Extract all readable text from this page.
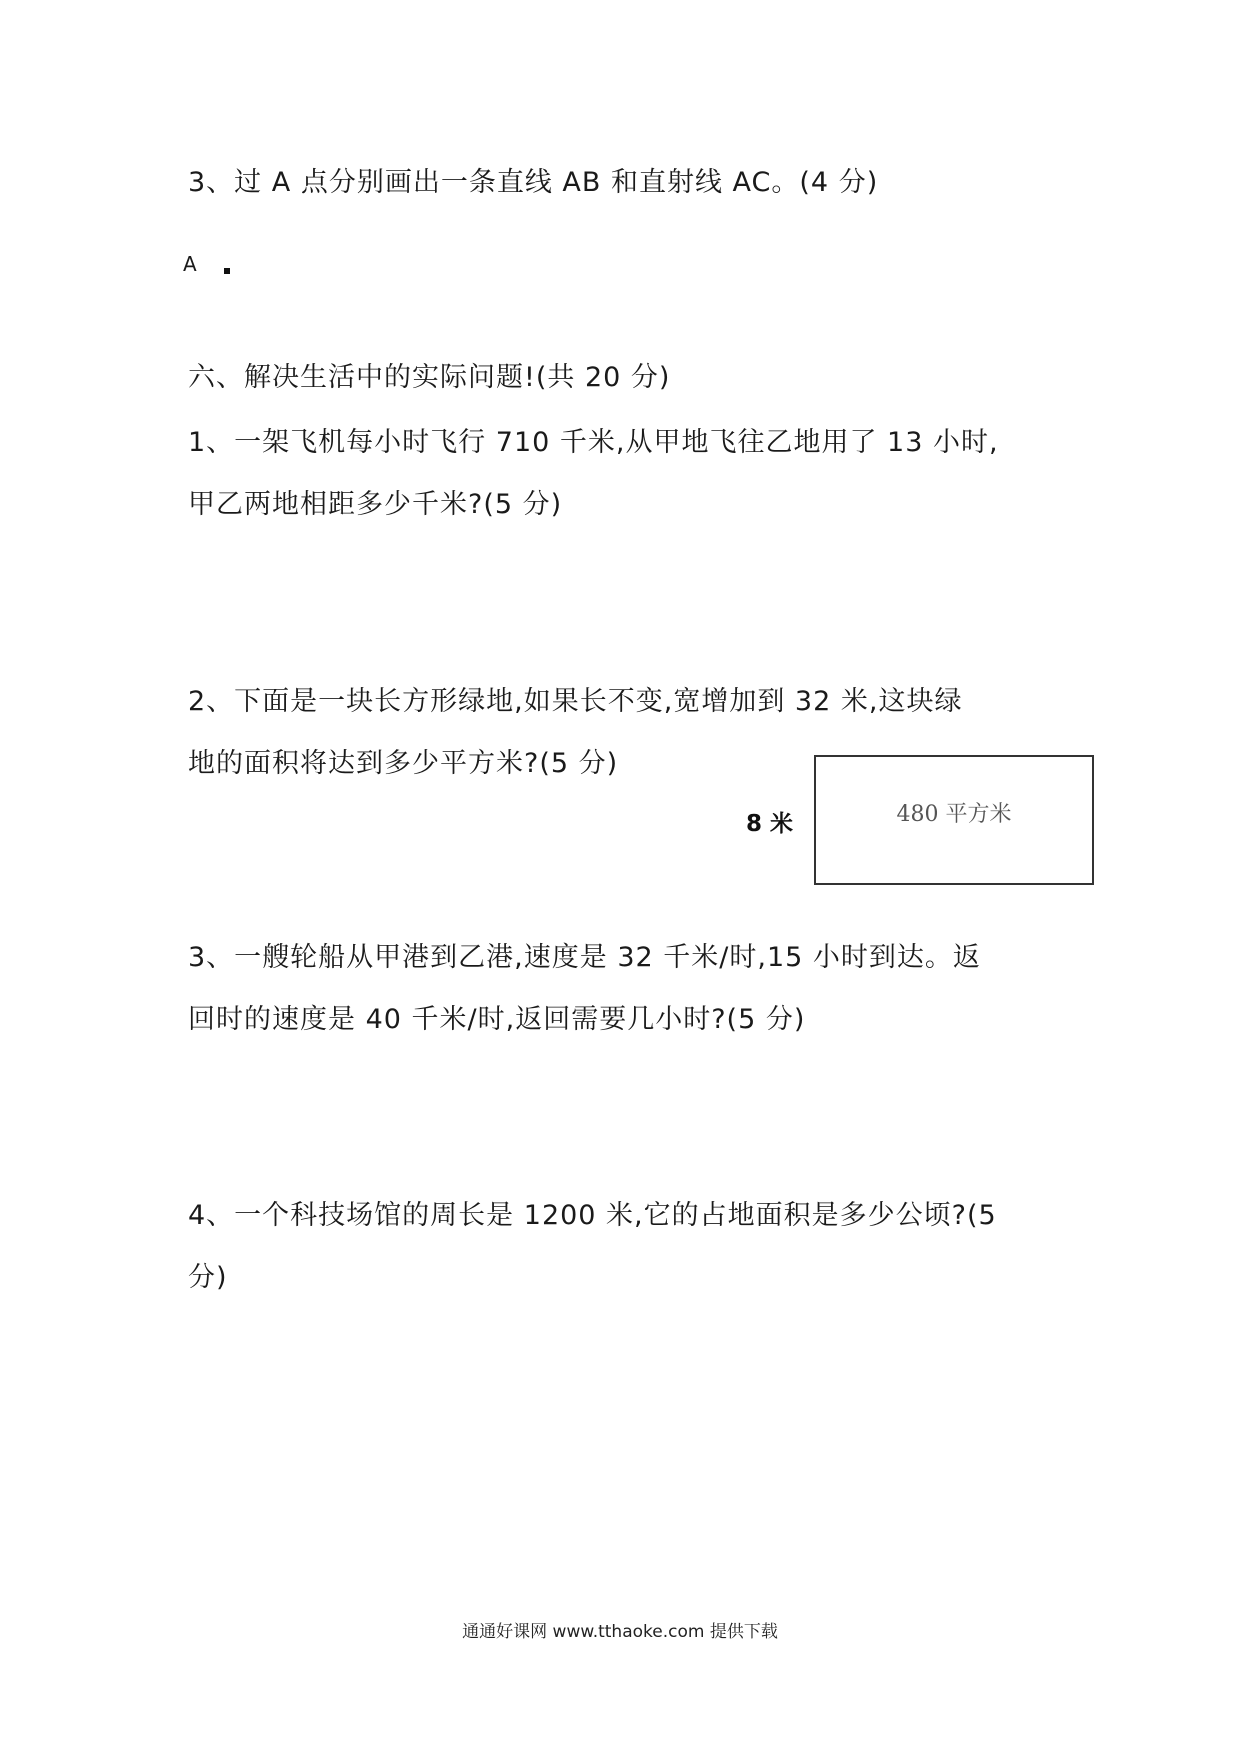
3、过 A 点分别画出一条直线 AB 和直射线 AC。(4 分)
A
六、解决生活中的实际问题!(共 20 分)
1、一架飞机每小时飞行 710 千米,从甲地飞往乙地用了 13 小时,
甲乙两地相距多少千米?(5 分)
2、下面是一块长方形绿地,如果长不变,宽增加到 32 米,这块绿
地的面积将达到多少平方米?(5 分)
8 米	480 平方米
3、一艘轮船从甲港到乙港,速度是 32 千米/时,15 小时到达。返
回时的速度是 40 千米/时,返回需要几小时?(5 分)
4、一个科技场馆的周长是 1200 米,它的占地面积是多少公顷?(5
分)
通通好课网 www.tthaoke.com 提供下载
